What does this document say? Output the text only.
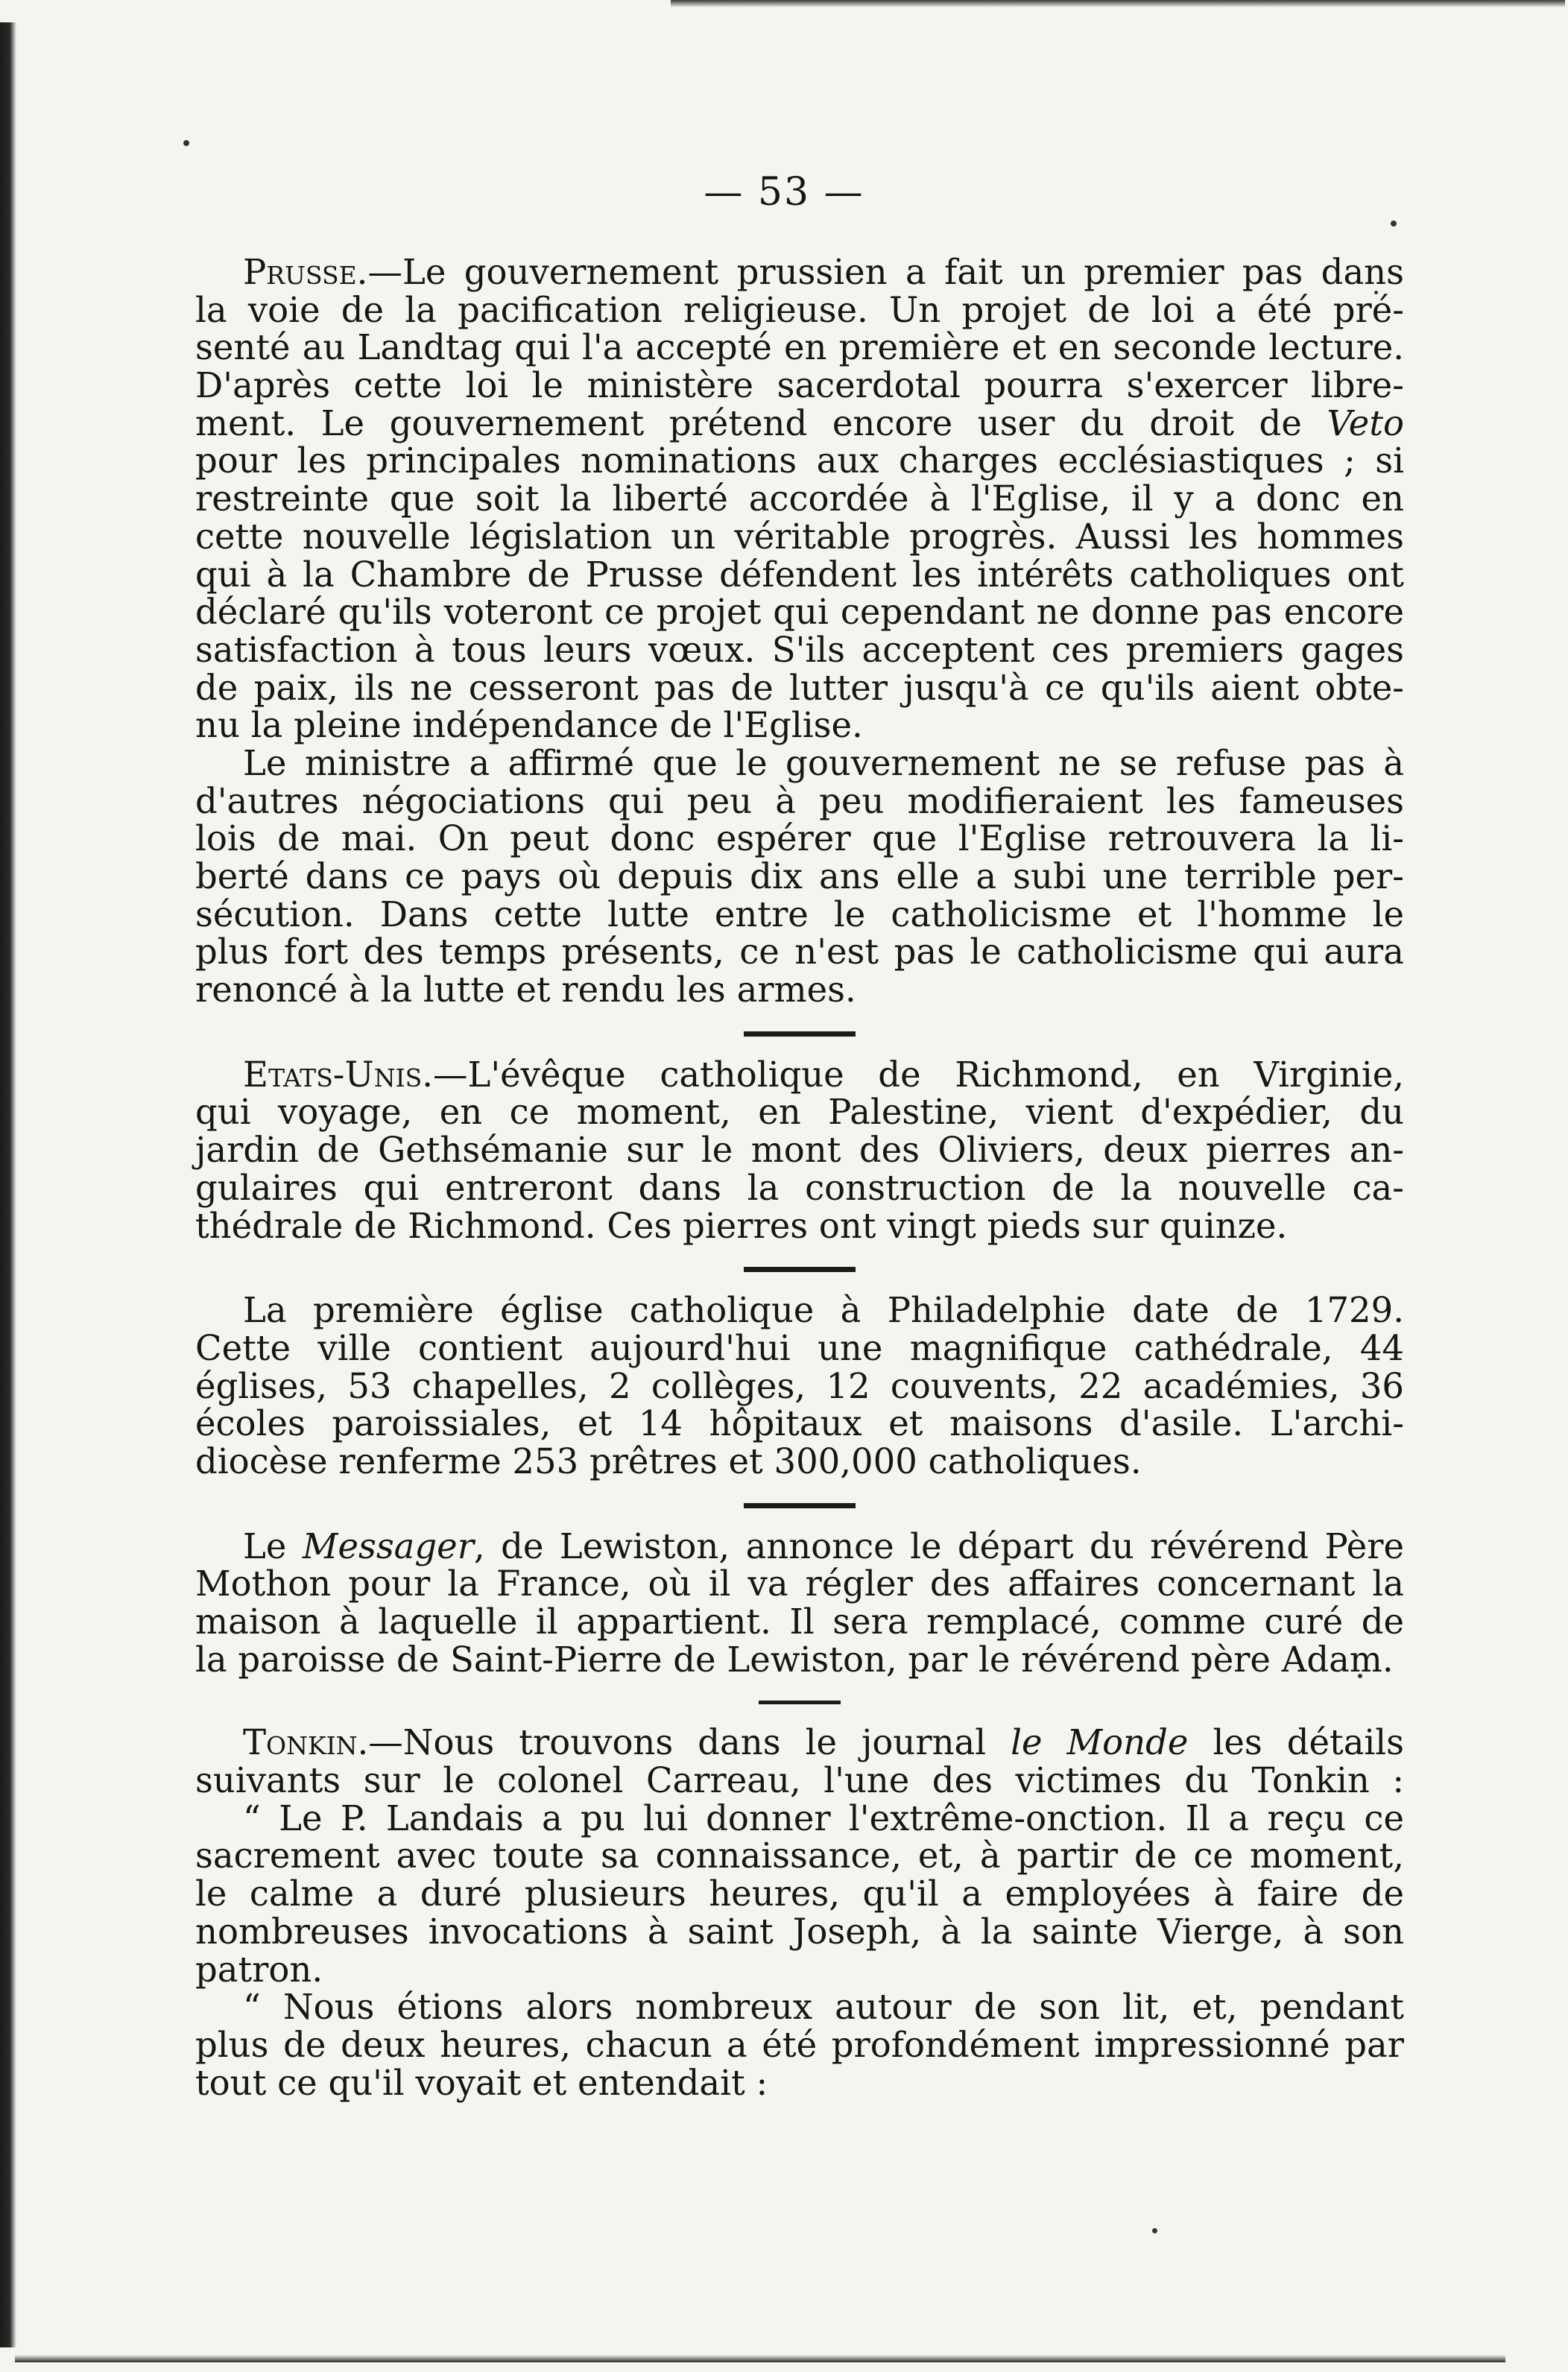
— 53 —
Prusse.—Le gouvernement prussien a fait un premier pas dans
la voie de la pacification religieuse. Un projet de loi a été pré-
senté au Landtag qui l'a accepté en première et en seconde lecture.
D'après cette loi le ministère sacerdotal pourra s'exercer libre-
ment. Le gouvernement prétend encore user du droit de Veto
pour les principales nominations aux charges ecclésiastiques ; si
restreinte que soit la liberté accordée à l'Eglise, il y a donc en
cette nouvelle législation un véritable progrès. Aussi les hommes
qui à la Chambre de Prusse défendent les intérêts catholiques ont
déclaré qu'ils voteront ce projet qui cependant ne donne pas encore
satisfaction à tous leurs vœux. S'ils acceptent ces premiers gages
de paix, ils ne cesseront pas de lutter jusqu'à ce qu'ils aient obte-
nu la pleine indépendance de l'Eglise.
Le ministre a affirmé que le gouvernement ne se refuse pas à
d'autres négociations qui peu à peu modifieraient les fameuses
lois de mai. On peut donc espérer que l'Eglise retrouvera la li-
berté dans ce pays où depuis dix ans elle a subi une terrible per-
sécution. Dans cette lutte entre le catholicisme et l'homme le
plus fort des temps présents, ce n'est pas le catholicisme qui aura
renoncé à la lutte et rendu les armes.
Etats-Unis.—L'évêque catholique de Richmond, en Virginie,
qui voyage, en ce moment, en Palestine, vient d'expédier, du
jardin de Gethsémanie sur le mont des Oliviers, deux pierres an-
gulaires qui entreront dans la construction de la nouvelle ca-
thédrale de Richmond. Ces pierres ont vingt pieds sur quinze.
La première église catholique à Philadelphie date de 1729.
Cette ville contient aujourd'hui une magnifique cathédrale, 44
églises, 53 chapelles, 2 collèges, 12 couvents, 22 académies, 36
écoles paroissiales, et 14 hôpitaux et maisons d'asile. L'archi-
diocèse renferme 253 prêtres et 300,000 catholiques.
Le Messager, de Lewiston, annonce le départ du révérend Père
Mothon pour la France, où il va régler des affaires concernant la
maison à laquelle il appartient. Il sera remplacé, comme curé de
la paroisse de Saint-Pierre de Lewiston, par le révérend père Adam.
Tonkin.—Nous trouvons dans le journal le Monde les détails
suivants sur le colonel Carreau, l'une des victimes du Tonkin :
“ Le P. Landais a pu lui donner l'extrême-onction. Il a reçu ce
sacrement avec toute sa connaissance, et, à partir de ce moment,
le calme a duré plusieurs heures, qu'il a employées à faire de
nombreuses invocations à saint Joseph, à la sainte Vierge, à son
patron.
“ Nous étions alors nombreux autour de son lit, et, pendant
plus de deux heures, chacun a été profondément impressionné par
tout ce qu'il voyait et entendait :
